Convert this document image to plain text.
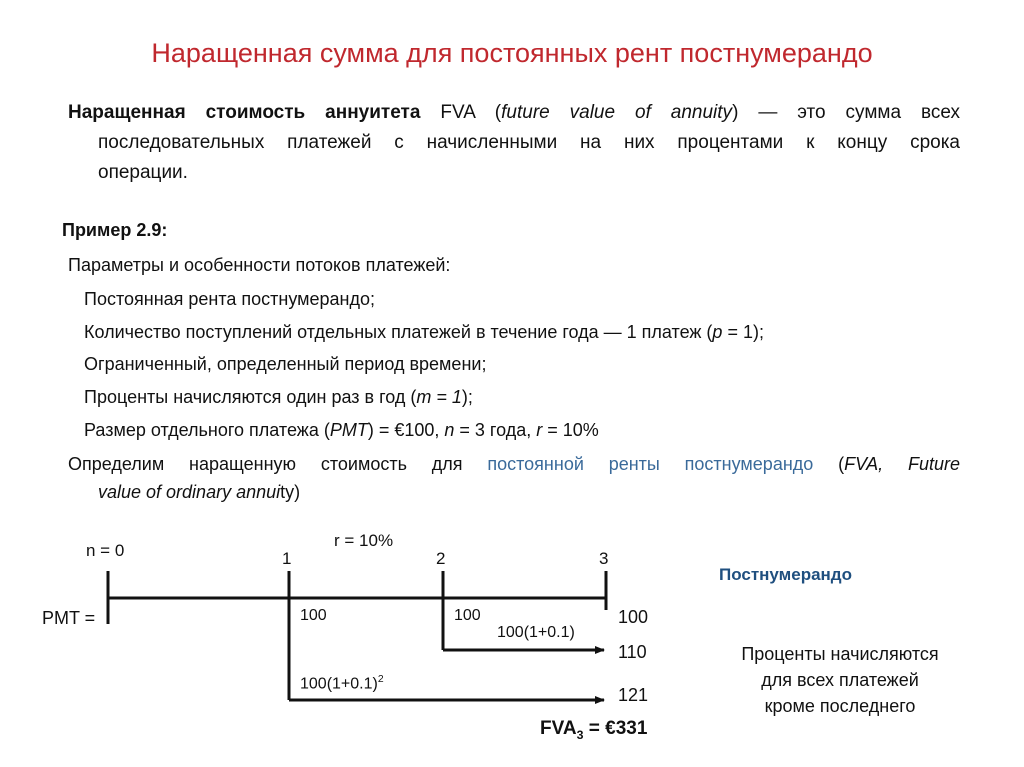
Наращенная сумма для постоянных рент постнумерандо
Наращенная стоимость аннуитета FVA (future value of annuity) — это сумма всех
последовательных платежей с начисленными на них процентами к концу срока
операции.
Пример 2.9:
Параметры и особенности потоков платежей:
Постоянная рента постнумерандо;
Количество поступлений отдельных платежей в течение года — 1 платеж (p = 1);
Ограниченный, определенный период времени;
Проценты начисляются один раз в год (m = 1);
Размер отдельного платежа (PMT) = €100, n = 3 года, r = 10%
Определим наращенную стоимость для постоянной ренты постнумерандо (FVA, Future
value of ordinary annuity)
n = 0
r = 10%
1	2	3
PMT =	100	100	100
100(1+0.1)
110
$100(1+0.1)^2$
121
$FVA_3$ = €331
Постнумерандо
Проценты начисляются
для всех платежей
кроме последнего
